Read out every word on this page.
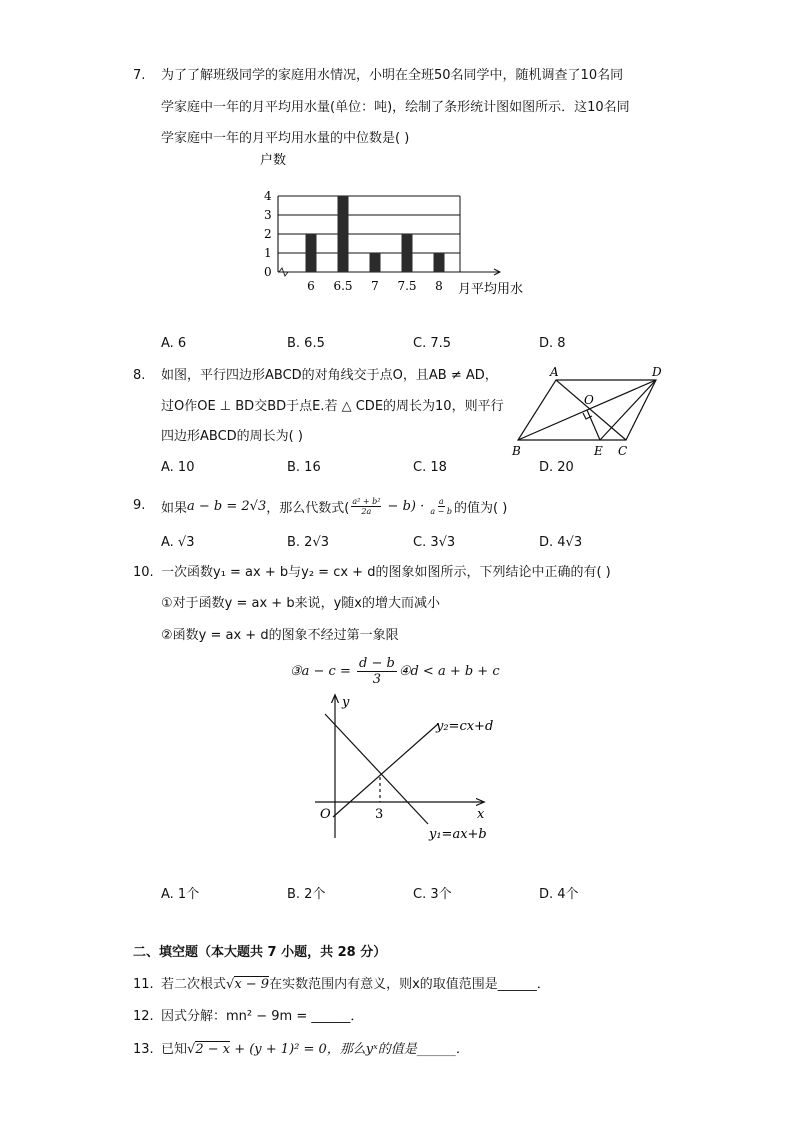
7. 为了了解班级同学的家庭用水情况，小明在全班50名同学中，随机调查了10名同
学家庭中一年的月平均用水量(单位：吨)，绘制了条形统计图如图所示．这10名同
学家庭中一年的月平均用水量的中位数是( )
户数
0
1
2
3
4
6 6.5 7 7.5 8 月平均用水
A. 6	B. 6.5	C. 7.5	D. 8
8. 如图，平行四边形ABCD的对角线交于点O，且AB ≠ AD，
过O作OE ⊥ BD交BD于点E.若 △ CDE的周长为10，则平行
四边形ABCD的周长为( )
A	D
O
B	E C
A. 10	B. 16	C. 18	D. 20
9. 如果 a − b = 2√3 ，那么代数式( $\frac{\text{a² + b²}}{2a} - b) \cdot \frac{a}{a - b}$ 的值为( )
A. √3	B. 2√3	C. 3√3	D. 4√3
10. 一次函数y₁ = ax + b与y₂ = cx + d的图象如图所示，下列结论中正确的有( )
①对于函数y = ax + b来说，y随x的增大而减小
②函数y = ax + d的图象不经过第一象限
③a − $c = \frac{d - b}{3}$ ④d < a + b + c
y
x
O
y₂=cx+d
y₁=ax+b
3
A. 1个	B. 2个	C. 3个	D. 4个
二、填空题（本大题共 7 小题，共 28 分）
11. 若二次根式√x − 9在实数范围内有意义，则x的取值范围是______．
12. 因式分解：mn² − 9m = ______．
13. 已知√2 − x + (y + 1)² = 0，那么yˣ的值是______．
